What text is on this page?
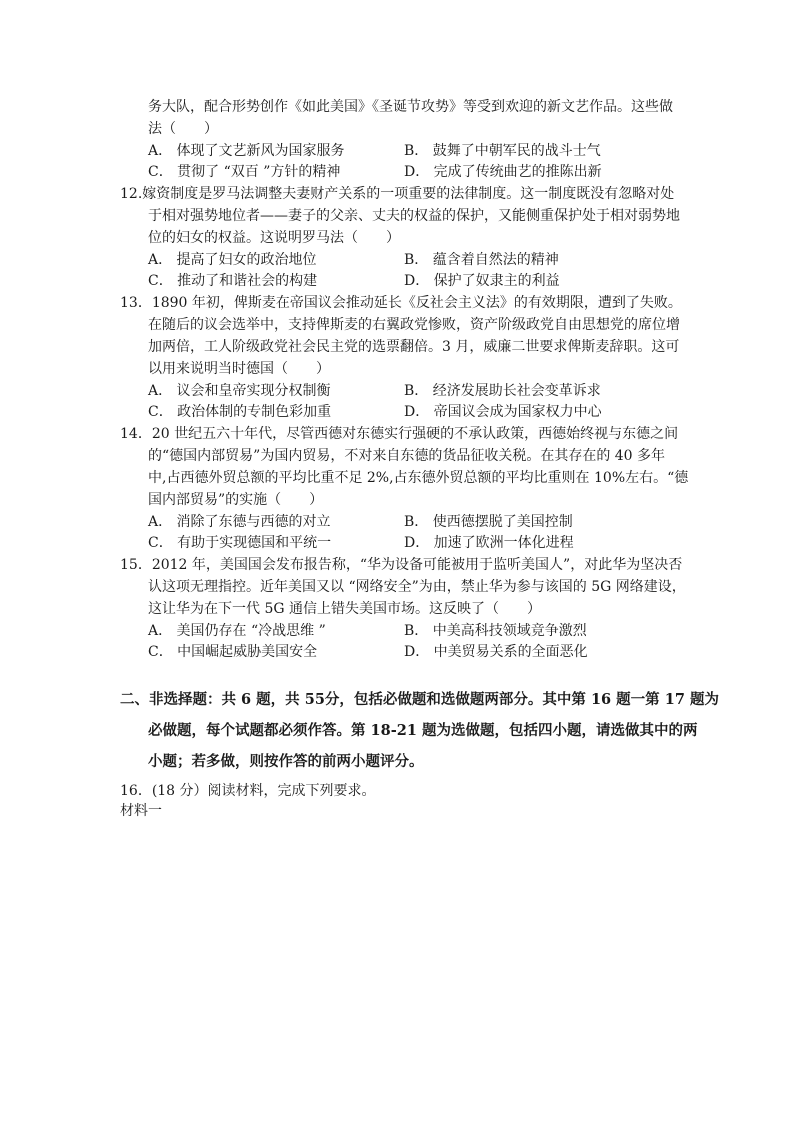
务大队，配合形势创作《如此美国》《圣诞节攻势》等受到欢迎的新文艺作品。这些做
法（　　）
A． 体现了文艺新风为国家服务	B． 鼓舞了中朝军民的战斗士气
C． 贯彻了 “双百 ”方针的精神	D． 完成了传统曲艺的推陈出新
12.嫁资制度是罗马法调整夫妻财产关系的一项重要的法律制度。这一制度既没有忽略对处
于相对强势地位者——妻子的父亲、丈夫的权益的保护，又能侧重保护处于相对弱势地
位的妇女的权益。这说明罗马法（　　）
A． 提高了妇女的政治地位	B． 蕴含着自然法的精神
C． 推动了和谐社会的构建	D． 保护了奴隶主的利益
13．1890 年初，俾斯麦在帝国议会推动延长《反社会主义法》的有效期限，遭到了失败。
在随后的议会选举中，支持俾斯麦的右翼政党惨败，资产阶级政党自由思想党的席位增
加两倍，工人阶级政党社会民主党的选票翻倍。3 月，威廉二世要求俾斯麦辞职。这可
以用来说明当时德国（　　）
A． 议会和皇帝实现分权制衡	B． 经济发展助长社会变革诉求
C． 政治体制的专制色彩加重	D． 帝国议会成为国家权力中心
14．20 世纪五六十年代，尽管西德对东德实行强硬的不承认政策，西德始终视与东德之间
的“德国内部贸易”为国内贸易，不对来自东德的货品征收关税。在其存在的 40 多年
中,占西德外贸总额的平均比重不足 2%,占东德外贸总额的平均比重则在 10%左右。“德
国内部贸易”的实施（　　）
A． 消除了东德与西德的对立	B． 使西德摆脱了美国控制
C． 有助于实现德国和平统一	D． 加速了欧洲一体化进程
15．2012 年，美国国会发布报告称，“华为设备可能被用于监听美国人”，对此华为坚决否
认这项无理指控。近年美国又以 “网络安全”为由，禁止华为参与该国的 5G 网络建设，
这让华为在下一代 5G 通信上错失美国市场。这反映了（　　）
A． 美国仍存在 “冷战思维 ”	B． 中美高科技领域竞争激烈
C． 中国崛起威胁美国安全	D． 中美贸易关系的全面恶化
二、非选择题：共 6 题，共 55分，包括必做题和选做题两部分。其中第 16 题一第 17 题为
必做题，每个试题都必须作答。第 18-21 题为选做题，包括四小题，请选做其中的两
小题；若多做，则按作答的前两小题评分。
16．(18 分）阅读材料，完成下列要求。
材料一
